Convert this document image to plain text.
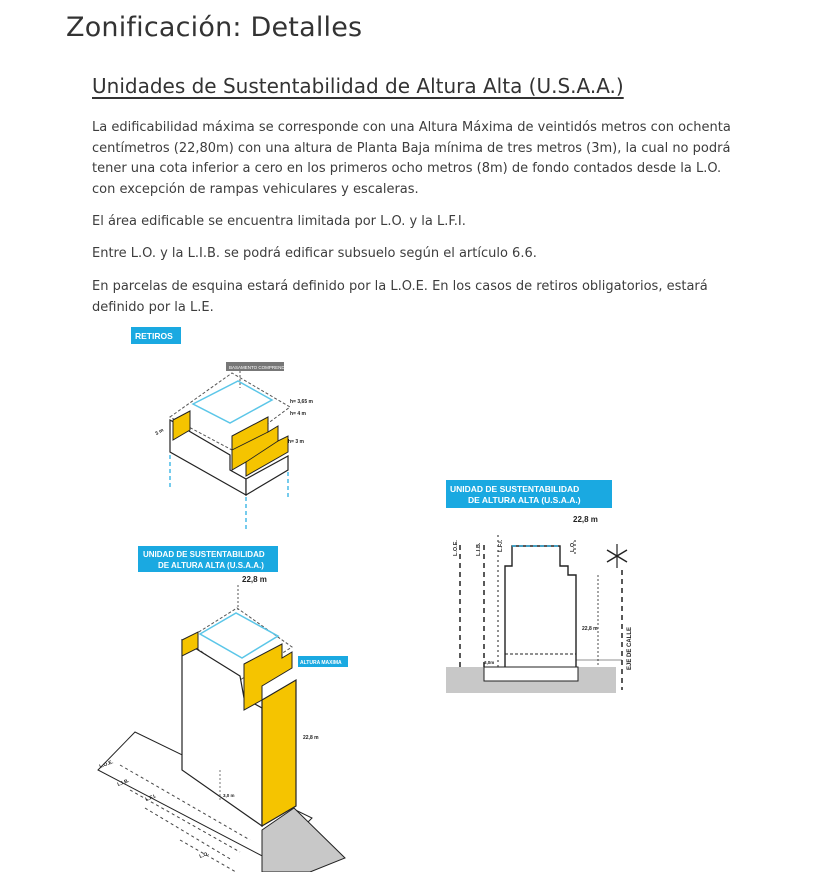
Zonificación: Detalles
Unidades de Sustentabilidad de Altura Alta (U.S.A.A.)

La edificabilidad máxima se corresponde con una Altura Máxima de veintidós metros con ochenta centímetros (22,80m) con una altura de Planta Baja mínima de tres metros (3m), la cual no podrá tener una cota inferior a cero en los primeros ocho metros (8m) de fondo contados desde la L.O. con excepción de rampas vehiculares y escaleras.

El área edificable se encuentra limitada por L.O. y la L.F.I.

Entre L.O. y la L.I.B. se podrá edificar subsuelo según el artículo 6.6.

En parcelas de esquina estará definido por la L.O.E. En los casos de retiros obligatorios, estará definido por la L.E.

RETIROS
BASAMENTO COMPRENDIDO
h= 3,65 m
h= 4 m
h= 3 m
3 m
UNIDAD DE SUSTENTABILIDAD
DE ALTURA ALTA (U.S.A.A.)
22,8 m
ALTURA MAXIMA
22,8 m
3,0 m
L.O.E.
L.I.B.
L.F.I.
L.O.
UNIDAD DE SUSTENTABILIDAD
DE ALTURA ALTA (U.S.A.A.)
22,8 m
L.O.E.	L.I.B.	L.F.I.	L.O.
22,8 m
3,0m	EJE DE CALLE
